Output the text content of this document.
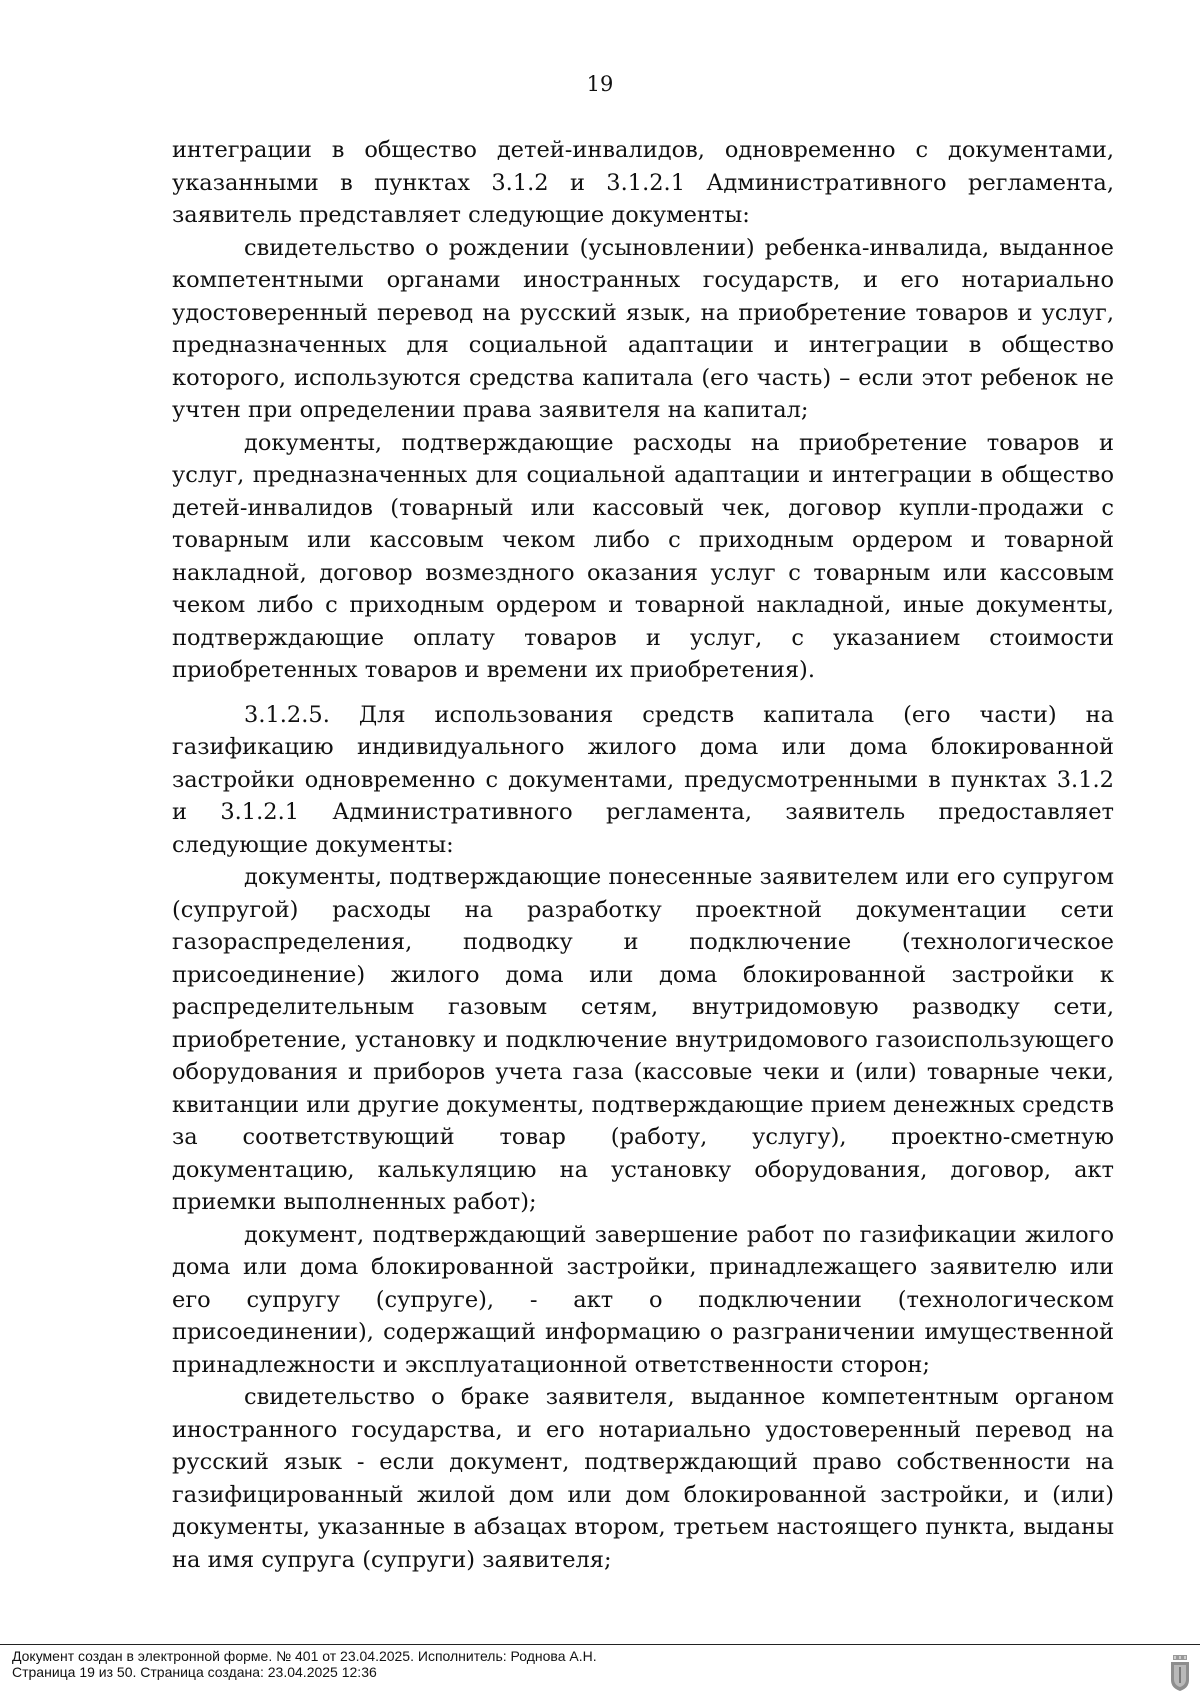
19

интеграции в общество детей-инвалидов, одновременно с документами, указанными в пунктах 3.1.2 и 3.1.2.1 Административного регламента, заявитель представляет следующие документы:

свидетельство о рождении (усыновлении) ребенка-инвалида, выданное компетентными органами иностранных государств, и его нотариально удостоверенный перевод на русский язык, на приобретение товаров и услуг, предназначенных для социальной адаптации и интеграции в общество которого, используются средства капитала (его часть) – если этот ребенок не учтен при определении права заявителя на капитал;

документы, подтверждающие расходы на приобретение товаров и услуг, предназначенных для социальной адаптации и интеграции в общество детей-инвалидов (товарный или кассовый чек, договор купли-продажи с товарным или кассовым чеком либо с приходным ордером и товарной накладной, договор возмездного оказания услуг с товарным или кассовым чеком либо с приходным ордером и товарной накладной, иные документы, подтверждающие оплату товаров и услуг, с указанием стоимости приобретенных товаров и времени их приобретения).

3.1.2.5. Для использования средств капитала (его части) на газификацию индивидуального жилого дома или дома блокированной застройки одновременно с документами, предусмотренными в пунктах 3.1.2 и 3.1.2.1 Административного регламента, заявитель предоставляет следующие документы:

документы, подтверждающие понесенные заявителем или его супругом (супругой) расходы на разработку проектной документации сети газораспределения, подводку и подключение (технологическое присоединение) жилого дома или дома блокированной застройки к распределительным газовым сетям, внутридомовую разводку сети, приобретение, установку и подключение внутридомового газоиспользующего оборудования и приборов учета газа (кассовые чеки и (или) товарные чеки, квитанции или другие документы, подтверждающие прием денежных средств за соответствующий товар (работу, услугу), проектно-сметную документацию, калькуляцию на установку оборудования, договор, акт приемки выполненных работ);

документ, подтверждающий завершение работ по газификации жилого дома или дома блокированной застройки, принадлежащего заявителю или его супругу (супруге), - акт о подключении (технологическом присоединении), содержащий информацию о разграничении имущественной принадлежности и эксплуатационной ответственности сторон;

свидетельство о браке заявителя, выданное компетентным органом иностранного государства, и его нотариально удостоверенный перевод на русский язык - если документ, подтверждающий право собственности на газифицированный жилой дом или дом блокированной застройки, и (или) документы, указанные в абзацах втором, третьем настоящего пункта, выданы на имя супруга (супруги) заявителя;

Документ создан в электронной форме. № 401 от 23.04.2025. Исполнитель: Роднова А.Н.
Страница 19 из 50. Страница создана: 23.04.2025 12:36
